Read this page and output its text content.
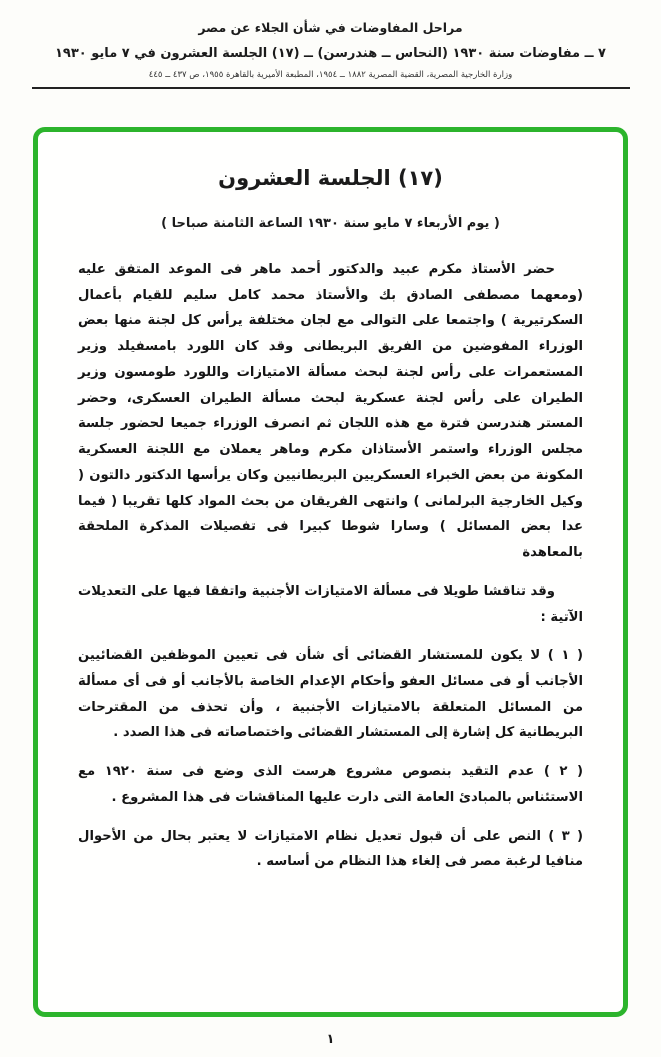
مراحل المفاوضات في شأن الجلاء عن مصر
٧ ــ مفاوضات سنة ١٩٣٠ (النحاس ــ هندرسن) ــ (١٧) الجلسة العشرون في ٧ مايو ١٩٣٠
وزارة الخارجية المصرية، القضية المصرية ١٨٨٢ ــ ١٩٥٤، المطبعة الأميرية بالقاهرة ١٩٥٥، ص ٤٣٧ ــ ٤٤٥
(١٧) الجلسة العشرون
( يوم الأربعاء ٧ مايو سنة ١٩٣٠ الساعة الثامنة صباحا )

حضر الأستاذ مكرم عبيد والدكتور أحمد ماهر فى الموعد المتفق عليه (ومعهما مصطفى الصادق بك والأستاذ محمد كامل سليم للقيام بأعمال السكرتيرية ) واجتمعا على التوالى مع لجان مختلفة يرأس كل لجنة منها بعض الوزراء المفوضين من الفريق البريطانى وقد كان اللورد بامسفيلد وزير المستعمرات على رأس لجنة لبحث مسألة الامتيازات واللورد طومسون وزير الطيران على رأس لجنة عسكرية لبحث مسألة الطيران العسكرى، وحضر المستر هندرسن فترة مع هذه اللجان ثم انصرف الوزراء جميعا لحضور جلسة مجلس الوزراء واستمر الأستاذان مكرم وماهر يعملان مع اللجنة العسكرية المكونة من بعض الخبراء العسكريين البريطانيين وكان يرأسها الدكتور دالتون ( وكيل الخارجية البرلمانى ) وانتهى الفريقان من بحث المواد كلها تقريبا ( فيما عدا بعض المسائل ) وسارا شوطا كبيرا فى تفصيلات المذكرة الملحقة بالمعاهدة

وقد تناقشا طويلا فى مسألة الامتيازات الأجنبية واتفقا فيها على التعديلات الآتية :

( ١ ) لا يكون للمستشار القضائى أى شأن فى تعيين الموظفين القضائيين الأجانب أو فى مسائل العفو وأحكام الإعدام الخاصة بالأجانب أو فى أى مسألة من المسائل المتعلقة بالامتيازات الأجنبية ، وأن تحذف من المقترحات البريطانية كل إشارة إلى المستشار القضائى واختصاصاته فى هذا الصدد .

( ٢ ) عدم التقيد بنصوص مشروع هرست الذى وضع فى سنة ١٩٢٠ مع الاستئناس بالمبادئ العامة التى دارت عليها المناقشات فى هذا المشروع .

( ٣ ) النص على أن قبول تعديل نظام الامتيازات لا يعتبر بحال من الأحوال منافيا لرغبة مصر فى إلغاء هذا النظام من أساسه .

١
